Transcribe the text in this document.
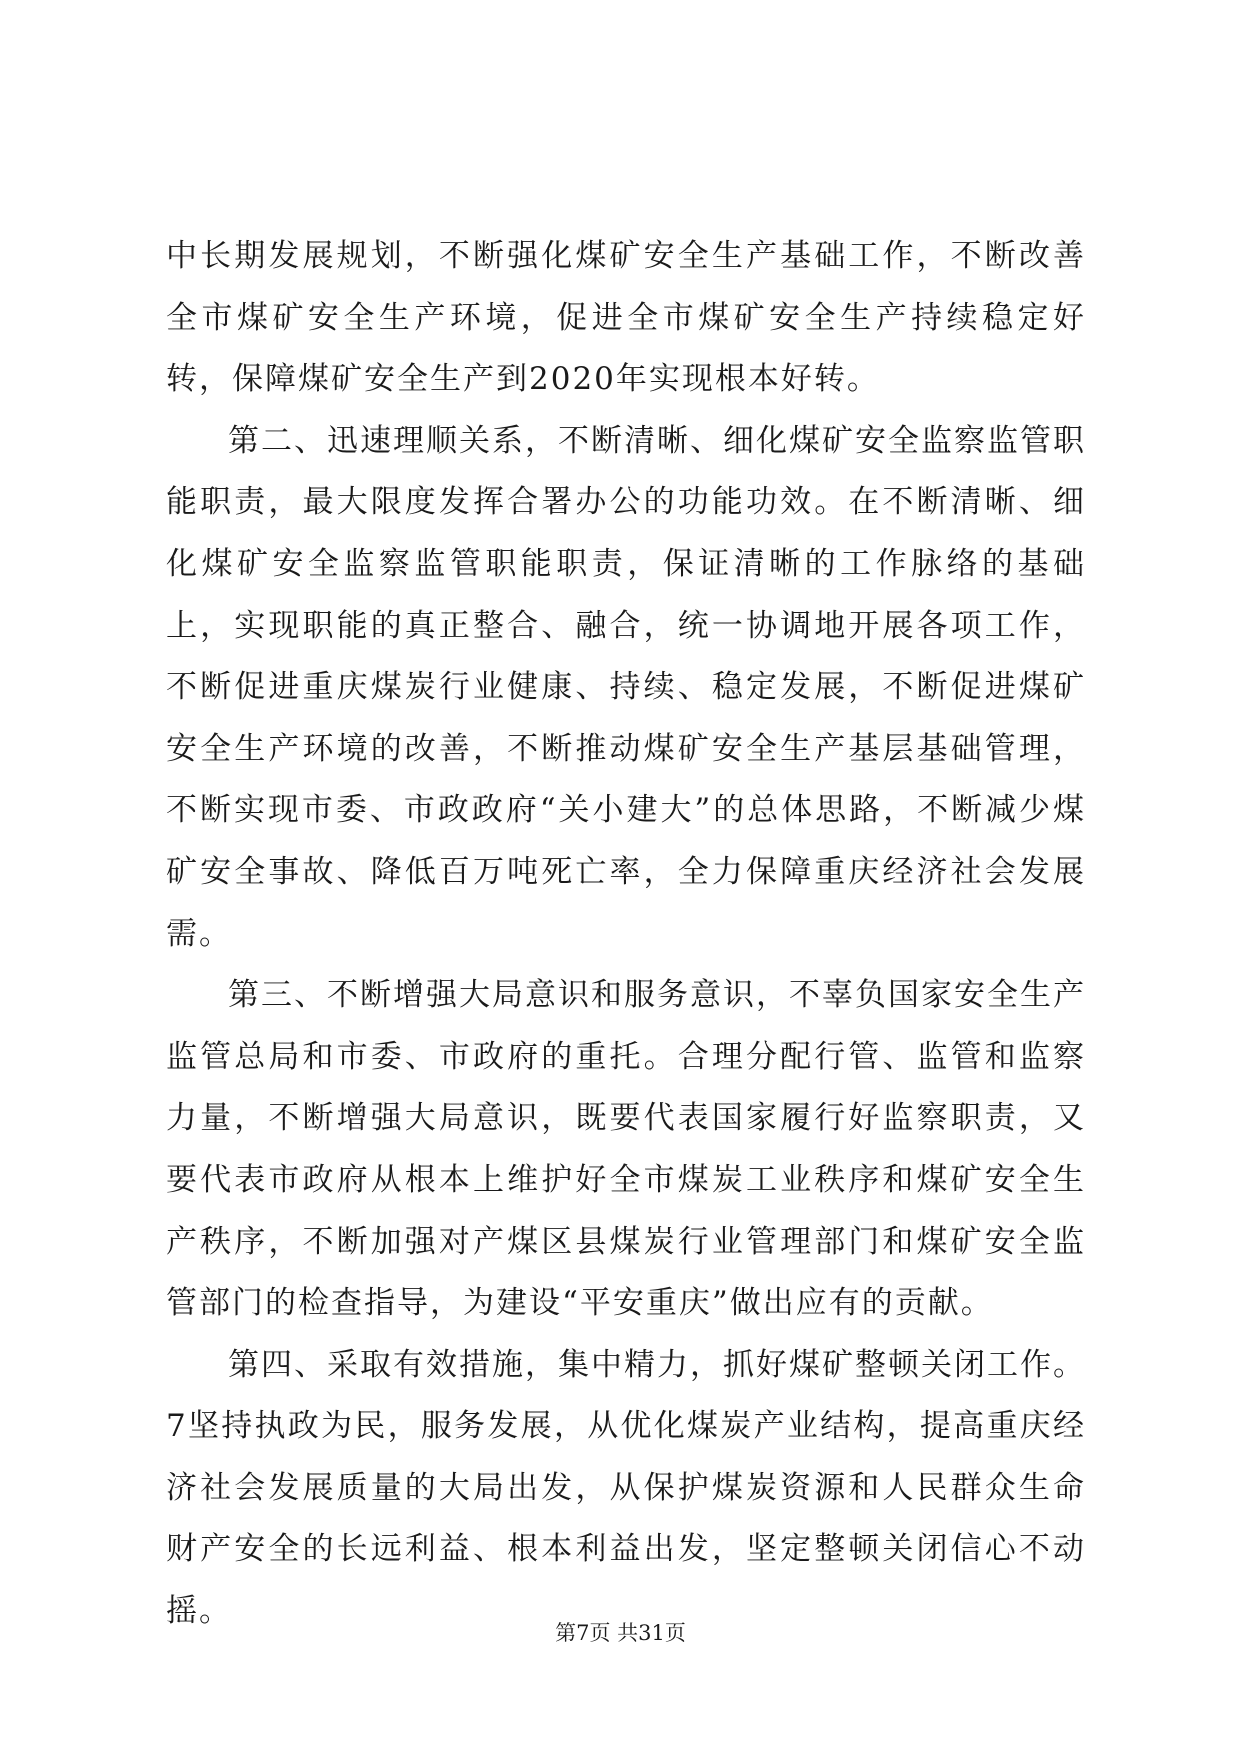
中长期发展规划，不断强化煤矿安全生产基础工作，不断改善全市煤矿安全生产环境，促进全市煤矿安全生产持续稳定好转，保障煤矿安全生产到2020年实现根本好转。

第二、迅速理顺关系，不断清晰、细化煤矿安全监察监管职能职责，最大限度发挥合署办公的功能功效。在不断清晰、细化煤矿安全监察监管职能职责，保证清晰的工作脉络的基础上，实现职能的真正整合、融合，统一协调地开展各项工作，不断促进重庆煤炭行业健康、持续、稳定发展，不断促进煤矿安全生产环境的改善，不断推动煤矿安全生产基层基础管理，不断实现市委、市政政府“关小建大”的总体思路，不断减少煤矿安全事故、降低百万吨死亡率，全力保障重庆经济社会发展需。

第三、不断增强大局意识和服务意识，不辜负国家安全生产监管总局和市委、市政府的重托。合理分配行管、监管和监察力量，不断增强大局意识，既要代表国家履行好监察职责，又要代表市政府从根本上维护好全市煤炭工业秩序和煤矿安全生产秩序，不断加强对产煤区县煤炭行业管理部门和煤矿安全监管部门的检查指导，为建设“平安重庆”做出应有的贡献。

第四、采取有效措施，集中精力，抓好煤矿整顿关闭工作。7坚持执政为民，服务发展，从优化煤炭产业结构，提高重庆经济社会发展质量的大局出发，从保护煤炭资源和人民群众生命财产安全的长远利益、根本利益出发，坚定整顿关闭信心不动摇。

第7页 共31页
